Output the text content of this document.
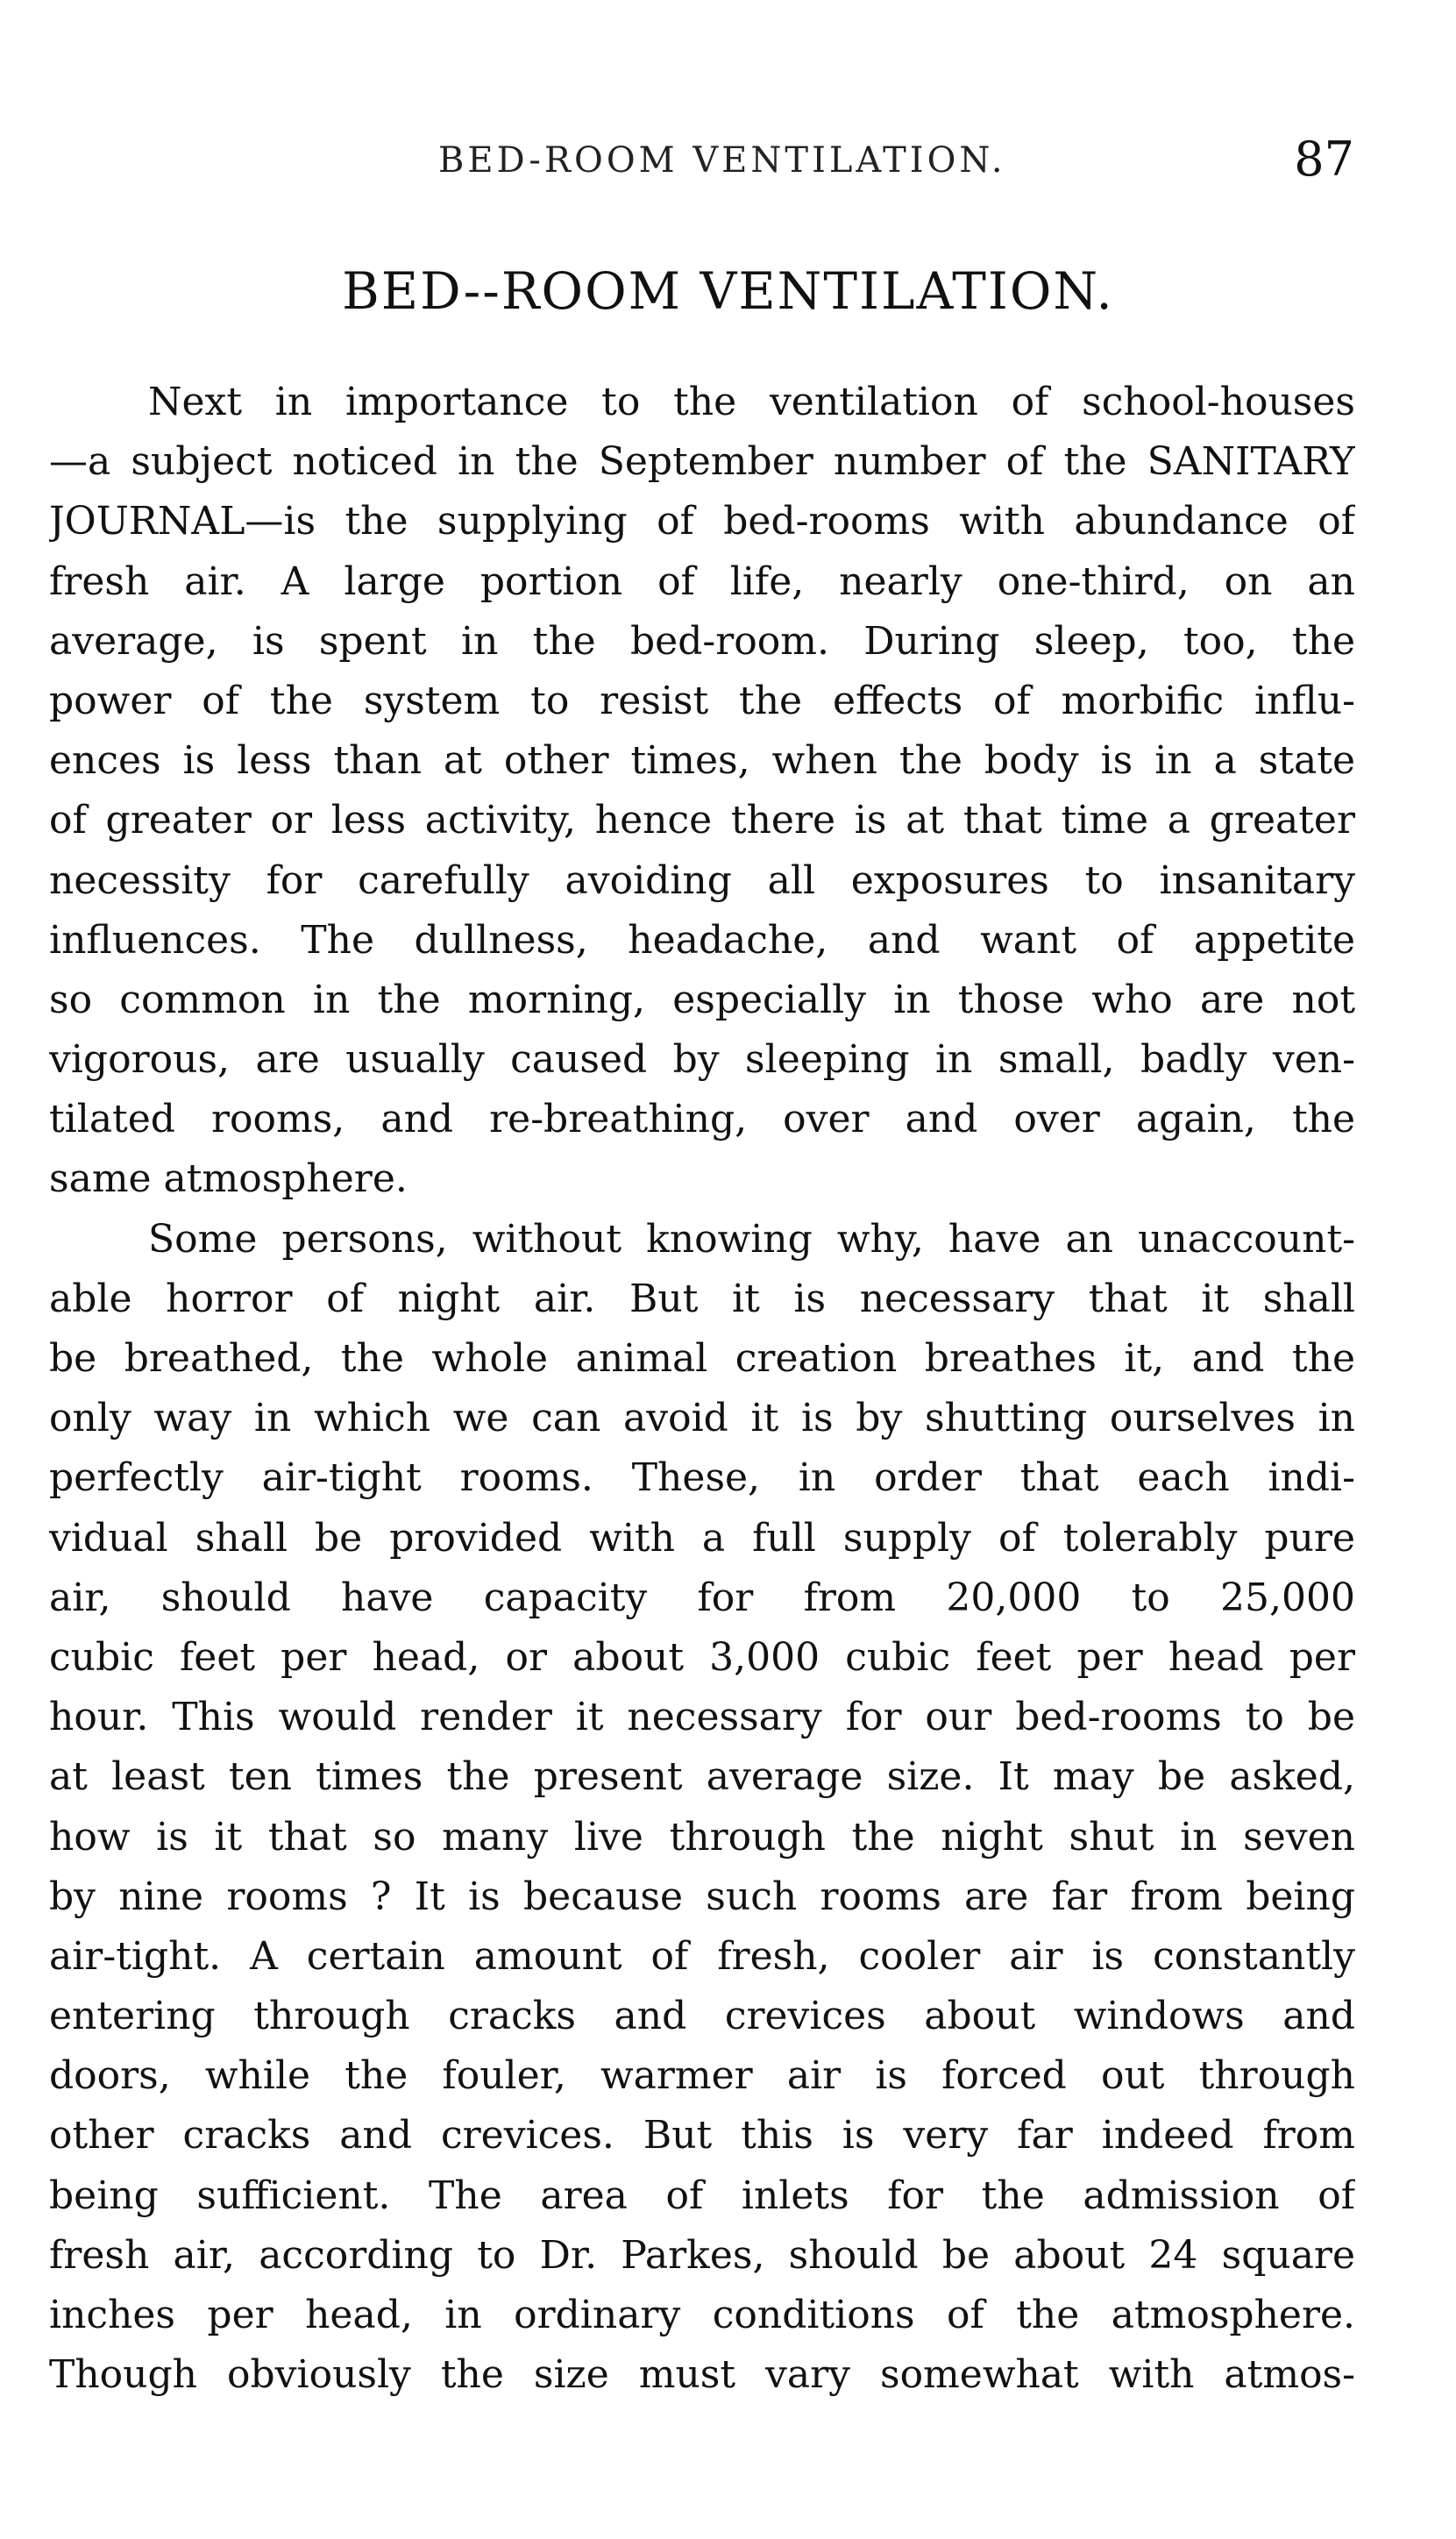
BED-ROOM VENTILATION.	87
BED--ROOM VENTILATION.

Next in importance to the ventilation of school-houses

—a subject noticed in the September number of the SANITARY

JOURNAL—is the supplying of bed-rooms with abundance of

fresh air. A large portion of life, nearly one-third, on an

average, is spent in the bed-room. During sleep, too, the

power of the system to resist the effects of morbific influ-

ences is less than at other times, when the body is in a state

of greater or less activity, hence there is at that time a greater

necessity for carefully avoiding all exposures to insanitary

influences. The dullness, headache, and want of appetite

so common in the morning, especially in those who are not

vigorous, are usually caused by sleeping in small, badly ven-

tilated rooms, and re-breathing, over and over again, the

same atmosphere.

Some persons, without knowing why, have an unaccount-

able horror of night air. But it is necessary that it shall

be breathed, the whole animal creation breathes it, and the

only way in which we can avoid it is by shutting ourselves in

perfectly air-tight rooms. These, in order that each indi-

vidual shall be provided with a full supply of tolerably pure

air, should have capacity for from 20,000 to 25,000

cubic feet per head, or about 3,000 cubic feet per head per

hour. This would render it necessary for our bed-rooms to be

at least ten times the present average size. It may be asked,

how is it that so many live through the night shut in seven

by nine rooms ? It is because such rooms are far from being

air-tight. A certain amount of fresh, cooler air is constantly

entering through cracks and crevices about windows and

doors, while the fouler, warmer air is forced out through

other cracks and crevices. But this is very far indeed from

being sufficient. The area of inlets for the admission of

fresh air, according to Dr. Parkes, should be about 24 square

inches per head, in ordinary conditions of the atmosphere.

Though obviously the size must vary somewhat with atmos-
